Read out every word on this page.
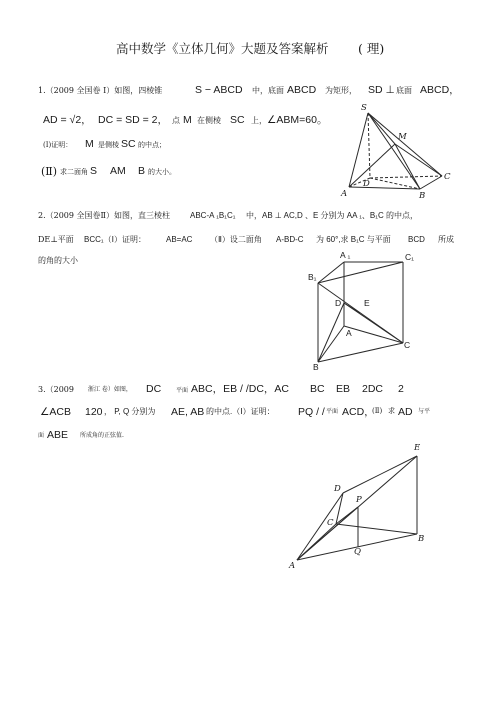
高中数学《立体几何》大题及答案解析 ( 理)
1.（2009 全国卷 Ⅰ）如图，四棱锥	S − ABCD 中，底面 ABCD 为矩形， SD ⊥ 底面 ABCD，
AD = √2， DC = SD = 2， 点 M 在侧棱 SC 上， ∠ABM=60。
(Ⅰ)证明： M 是侧棱 SC 的中点；
(Ⅱ) 求二面角 S AM B 的大小。
S
M
D
C
A	B
2.（2009 全国卷Ⅱ）如图，直三棱柱	ABC-A ₁B₁C₁ 中，AB ⊥ AC,D 、E 分别为 AA ₁、B₁C 的中点，
DE⊥平面 BCC₁（Ⅰ）证明：	AB=AC （Ⅱ）设二面角 A-BD-C 为 60°,求 B₁C 与平面 BCD 所成
的角的大小
A ₁	C₁
B₁
D	E
A
C
B
3.（2009 浙江 卷）如图， DC 平面 ABC，EB / /DC，AC BC EB 2DC 2
∠ACB 120 ， P, Q 分别为 AE, AB 的中点.（Ⅰ）证明： PQ / / 平面 ACD，
(Ⅱ) 求 AD 与平
面 ABE 所成角的正弦值.
E
D
P
C
A
Q
B
